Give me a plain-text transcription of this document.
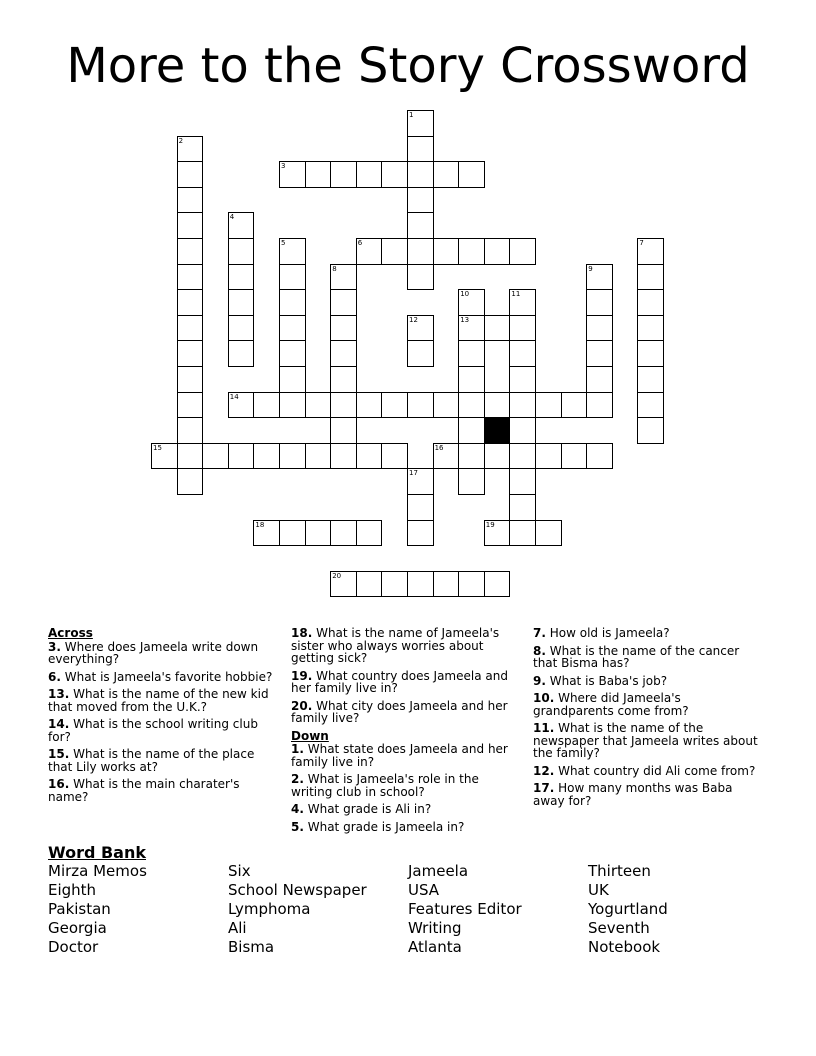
More to the Story Crossword
1
2
3
4
5	6	7
8	9
10
13
11
12
14
15	16
17
18	19
20
Across
3. Where does Jameela write down everything?
6. What is Jameela's favorite hobbie?
13. What is the name of the new kid that moved from the U.K.?
14. What is the school writing club for?
15. What is the name of the place that Lily works at?
16. What is the main charater's name?
18. What is the name of Jameela's sister who always worries about getting sick?
19. What country does Jameela and her family live in?
20. What city does Jameela and her family live?
Down
1. What state does Jameela and her family live in?
2. What is Jameela's role in the writing club in school?
4. What grade is Ali in?
5. What grade is Jameela in?
7. How old is Jameela?
8. What is the name of the cancer that Bisma has?
9. What is Baba's job?
10. Where did Jameela's grandparents come from?
11. What is the name of the newspaper that Jameela writes about the family?
12. What country did Ali come from?
17. How many months was Baba away for?
Word Bank
Mirza Memos
Eighth
Pakistan
Georgia
Doctor
Six
School Newspaper
Lymphoma
Ali
Bisma
Jameela
USA
Features Editor
Writing
Atlanta
Thirteen
UK
Yogurtland
Seventh
Notebook
